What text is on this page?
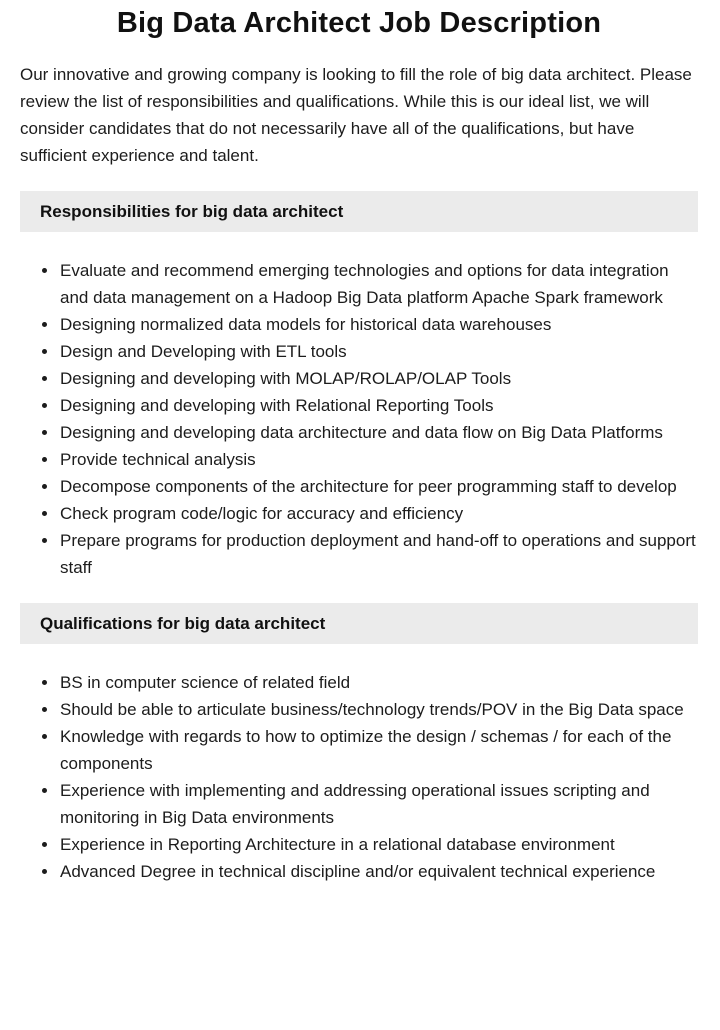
Big Data Architect Job Description

Our innovative and growing company is looking to fill the role of big data architect. Please review the list of responsibilities and qualifications. While this is our ideal list, we will consider candidates that do not necessarily have all of the qualifications, but have sufficient experience and talent.

Responsibilities for big data architect
Evaluate and recommend emerging technologies and options for data integration and data management on a Hadoop Big Data platform Apache Spark framework
Designing normalized data models for historical data warehouses
Design and Developing with ETL tools
Designing and developing with MOLAP/ROLAP/OLAP Tools
Designing and developing with Relational Reporting Tools
Designing and developing data architecture and data flow on Big Data Platforms
Provide technical analysis
Decompose components of the architecture for peer programming staff to develop
Check program code/logic for accuracy and efficiency
Prepare programs for production deployment and hand-off to operations and support staff
Qualifications for big data architect
BS in computer science of related field
Should be able to articulate business/technology trends/POV in the Big Data space
Knowledge with regards to how to optimize the design / schemas / for each of the components
Experience with implementing and addressing operational issues scripting and monitoring in Big Data environments
Experience in Reporting Architecture in a relational database environment
Advanced Degree in technical discipline and/or equivalent technical experience
